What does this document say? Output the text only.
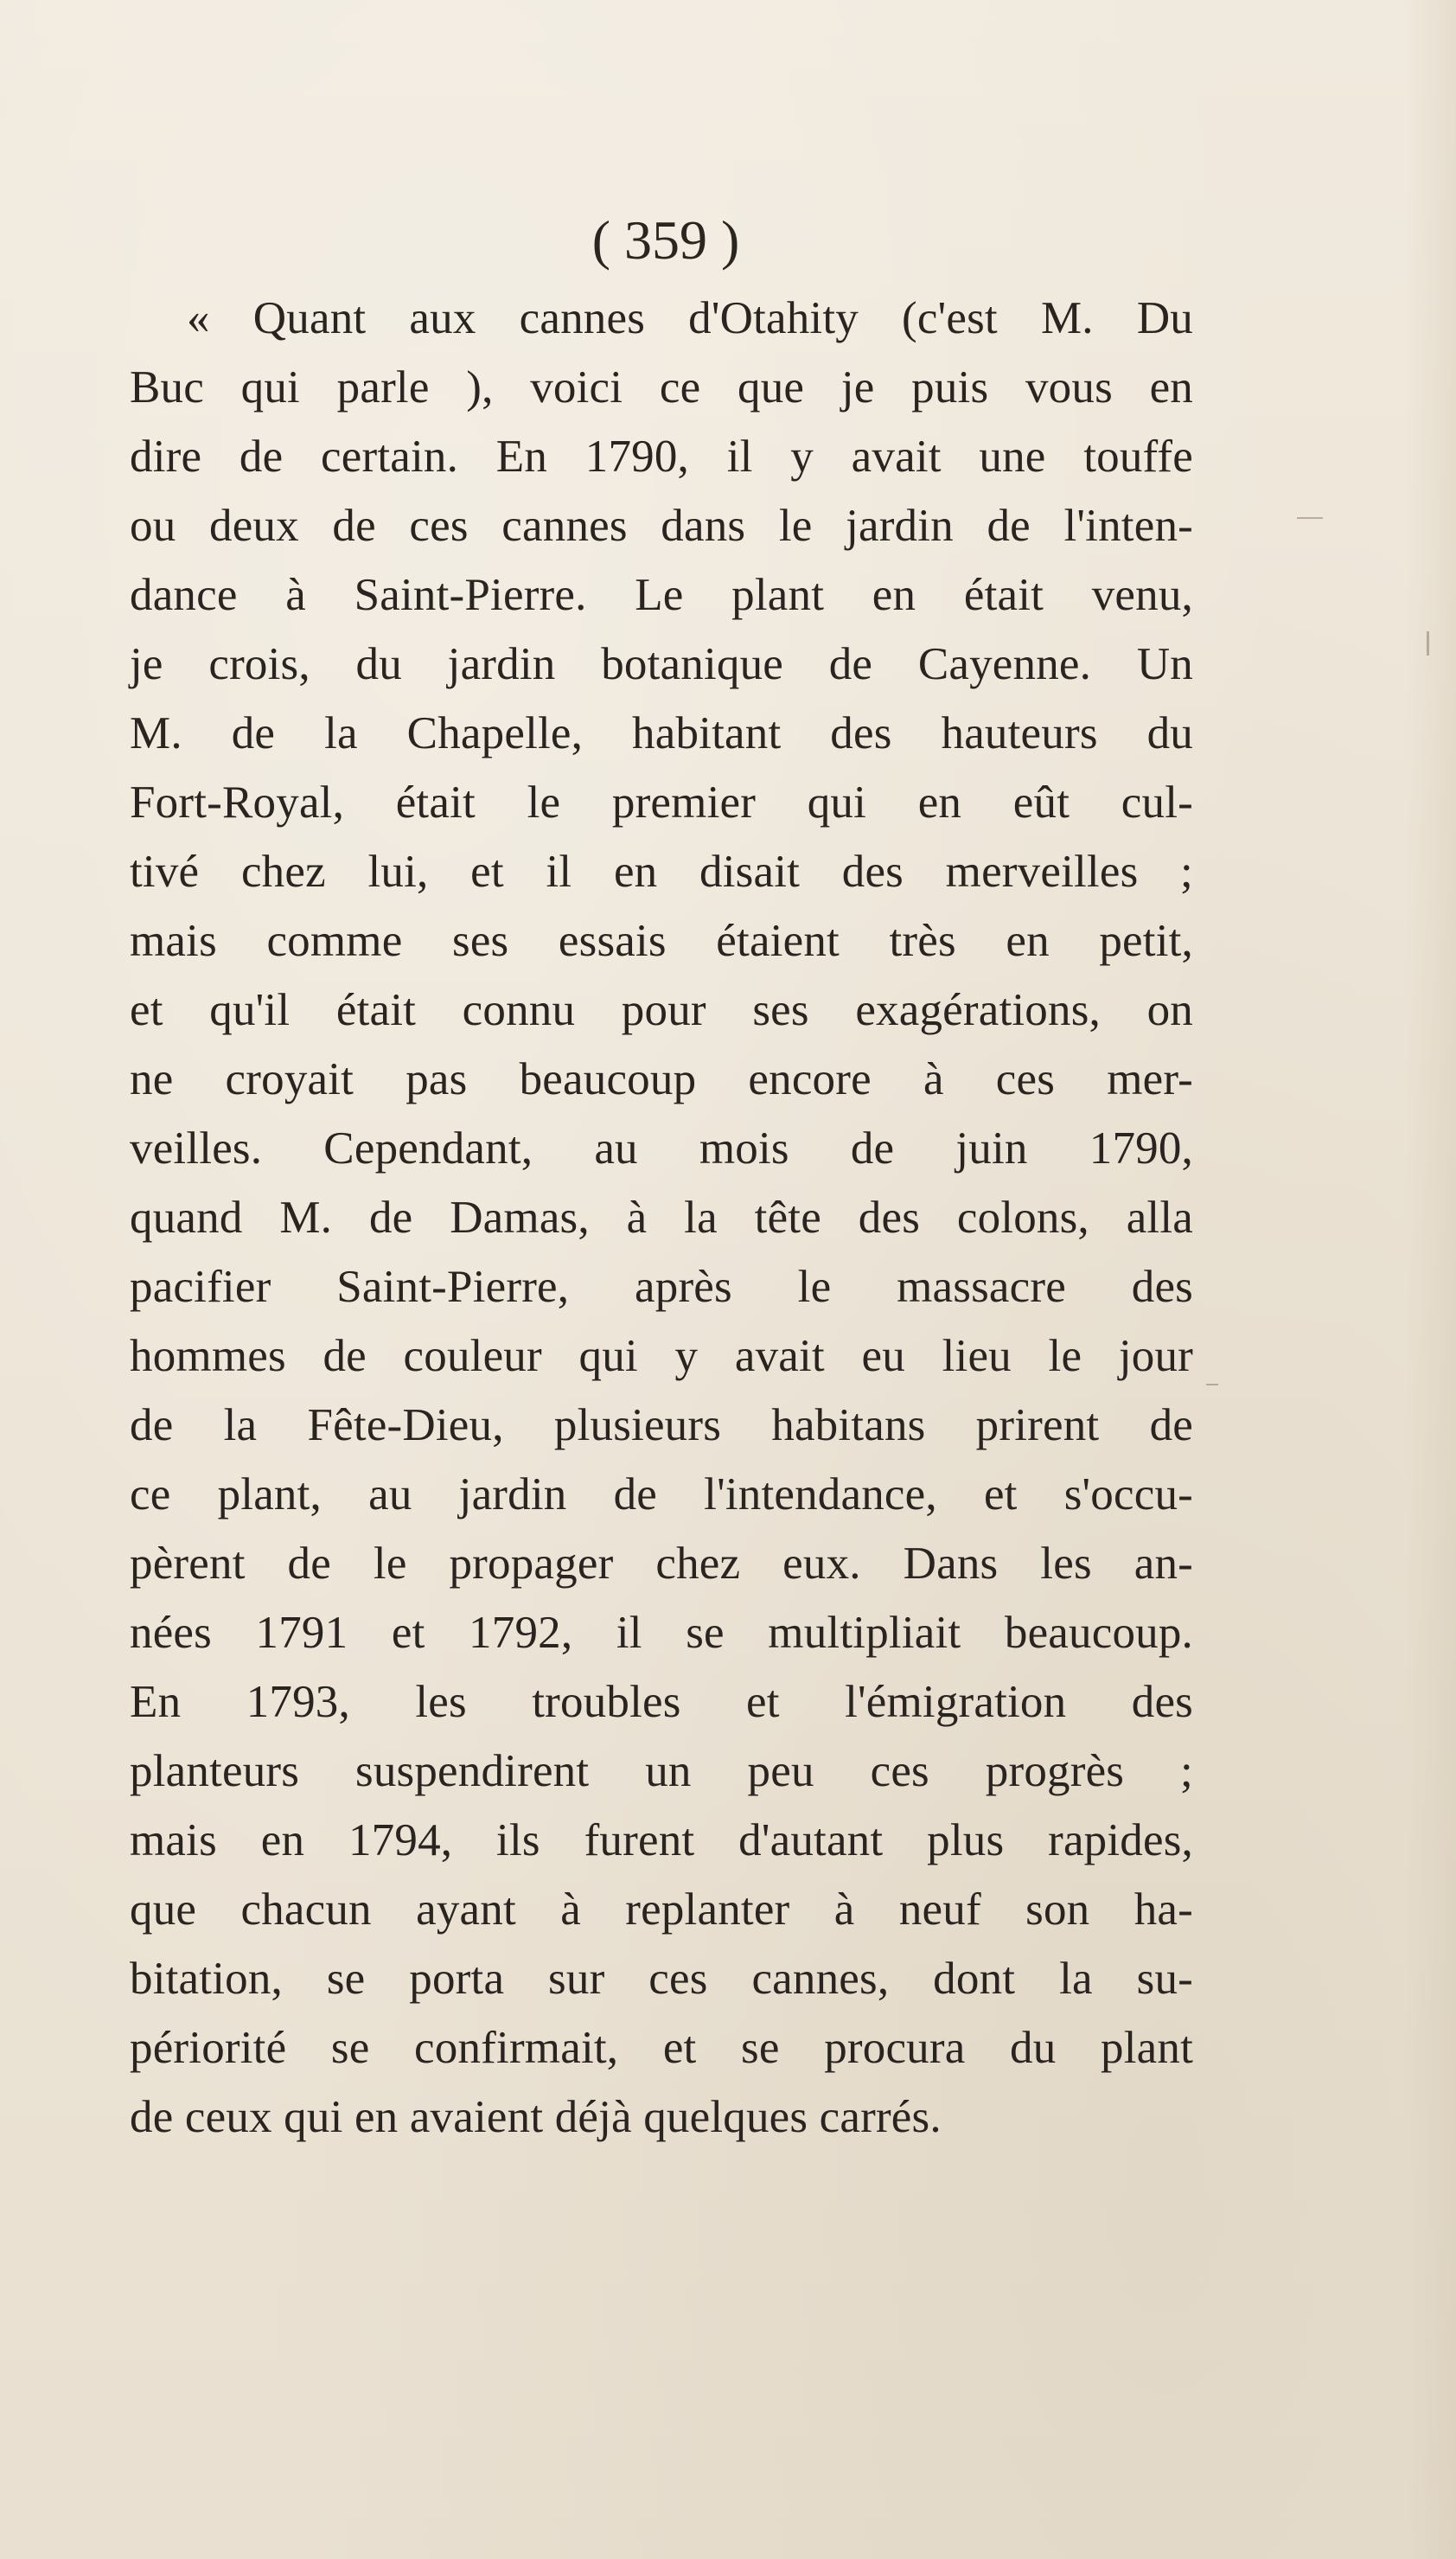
( 359 )
« Quant aux cannes d'Otahity (c'est M. Du
Buc qui parle ), voici ce que je puis vous en
dire de certain. En 1790, il y avait une touffe
ou deux de ces cannes dans le jardin de l'inten-
dance à Saint-Pierre. Le plant en était venu,
je crois, du jardin botanique de Cayenne. Un
M. de la Chapelle, habitant des hauteurs du
Fort-Royal, était le premier qui en eût cul-
tivé chez lui, et il en disait des merveilles ;
mais comme ses essais étaient très en petit,
et qu'il était connu pour ses exagérations, on
ne croyait pas beaucoup encore à ces mer-
veilles. Cependant, au mois de juin 1790,
quand M. de Damas, à la tête des colons, alla
pacifier Saint-Pierre, après le massacre des
hommes de couleur qui y avait eu lieu le jour
de la Fête-Dieu, plusieurs habitans prirent de
ce plant, au jardin de l'intendance, et s'occu-
pèrent de le propager chez eux. Dans les an-
nées 1791 et 1792, il se multipliait beaucoup.
En 1793, les troubles et l'émigration des
planteurs suspendirent un peu ces progrès ;
mais en 1794, ils furent d'autant plus rapides,
que chacun ayant à replanter à neuf son ha-
bitation, se porta sur ces cannes, dont la su-
périorité se confirmait, et se procura du plant
de ceux qui en avaient déjà quelques carrés.
